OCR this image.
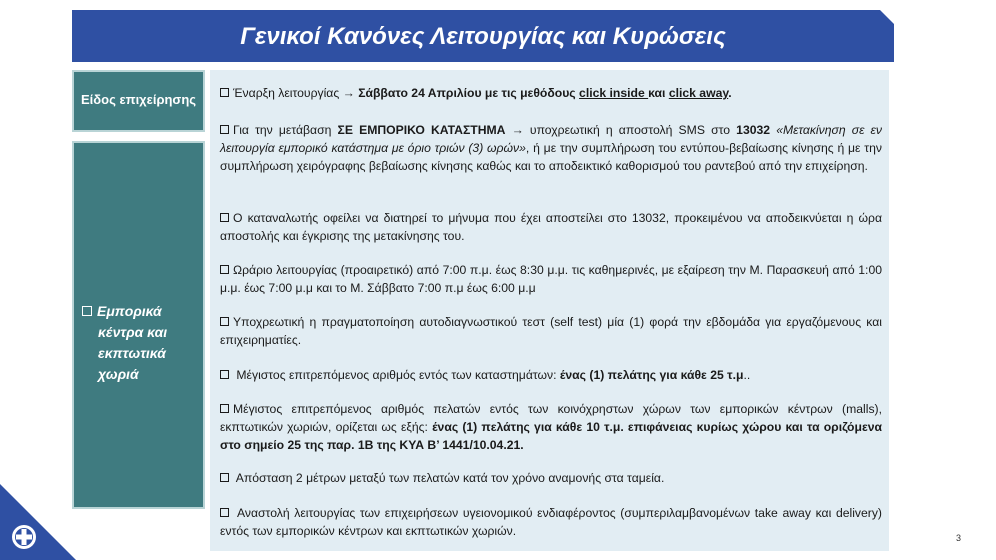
Γενικοί Κανόνες Λειτουργίας και Κυρώσεις
Είδος επιχείρησης
Εμπορικά
κέντρα και
εκπτωτικά
χωριά
Έναρξη λειτουργίας → Σάββατο 24 Απριλίου με τις μεθόδους click inside και click away.
Για την μετάβαση ΣΕ ΕΜΠΟΡΙΚΟ ΚΑΤΑΣΤΗΜΑ → υποχρεωτική η αποστολή SMS στο 13032 «Μετακίνηση σε εν λειτουργία εμπορικό κατάστημα με όριο τριών (3) ωρών», ή με την συμπλήρωση του εντύπου-βεβαίωσης κίνησης ή με την συμπλήρωση χειρόγραφης βεβαίωσης κίνησης καθώς και το αποδεικτικό καθορισμού του ραντεβού από την επιχείρηση.
Ο καταναλωτής οφείλει να διατηρεί το μήνυμα που έχει αποστείλει στο 13032, προκειμένου να αποδεικνύεται η ώρα αποστολής και έγκρισης της μετακίνησης του.
Ωράριο λειτουργίας (προαιρετικό) από 7:00 π.μ. έως 8:30 μ.μ. τις καθημερινές, με εξαίρεση την Μ. Παρασκευή από 1:00 μ.μ. έως 7:00 μ.μ και το Μ. Σάββατο 7:00 π.μ έως 6:00 μ.μ
Υποχρεωτική η πραγματοποίηση αυτοδιαγνωστικού τεστ (self test) μία (1) φορά την εβδομάδα για εργαζόμενους και επιχειρηματίες.
Μέγιστος επιτρεπόμενος αριθμός εντός των καταστημάτων: ένας (1) πελάτης για κάθε 25 τ.μ..
Μέγιστος επιτρεπόμενος αριθμός πελατών εντός των κοινόχρηστων χώρων των εμπορικών κέντρων (malls), εκπτωτικών χωριών, ορίζεται ως εξής: ένας (1) πελάτης για κάθε 10 τ.μ. επιφάνειας κυρίως χώρου και τα οριζόμενα στο σημείο 25 της παρ. 1Β της ΚΥΑ Β’ 1441/10.04.21.
Απόσταση 2 μέτρων μεταξύ των πελατών κατά τον χρόνο αναμονής στα ταμεία.
Αναστολή λειτουργίας των επιχειρήσεων υγειονομικού ενδιαφέροντος (συμπεριλαμβανομένων take away και delivery) εντός των εμπορικών κέντρων και εκπτωτικών χωριών.	3
